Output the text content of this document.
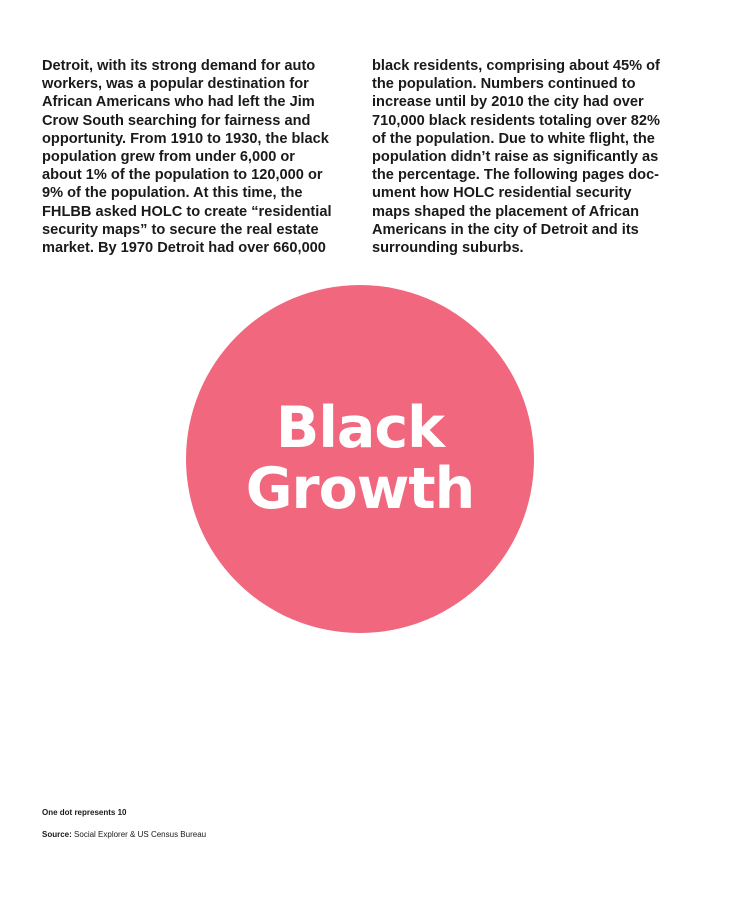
Detroit, with its strong demand for auto
workers, was a popular destination for
African Americans who had left the Jim
Crow South searching for fairness and
opportunity. From 1910 to 1930, the black
population grew from under 6,000 or
about 1% of the population to 120,000 or
9% of the population. At this time, the
FHLBB asked HOLC to create “residential
security maps” to secure the real estate
market. By 1970 Detroit had over 660,000
black residents, comprising about 45% of
the population. Numbers continued to
increase until by 2010 the city had over
710,000 black residents totaling over 82%
of the population. Due to white flight, the
population didn’t raise as significantly as
the percentage. The following pages doc-
ument how HOLC residential security
maps shaped the placement of African
Americans in the city of Detroit and its
surrounding suburbs.
Black
Growth
One dot represents 10
Source: Social Explorer & US Census Bureau
